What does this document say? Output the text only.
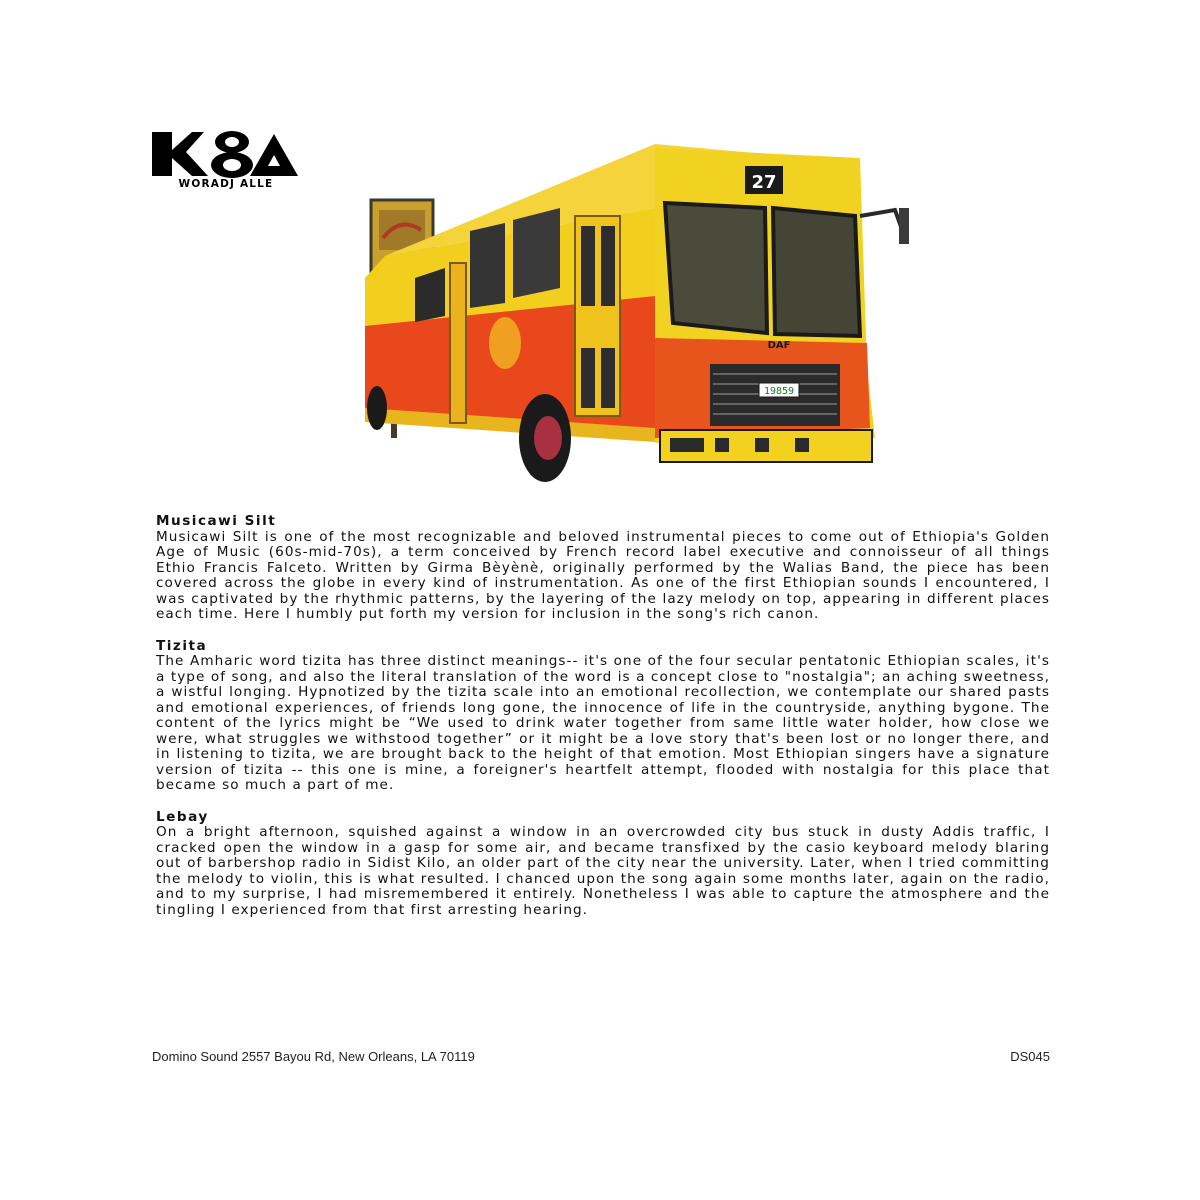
WORADJ ALLE	27
DAF
19859
Musicawi Silt
Musicawi Silt is one of the most recognizable and beloved instrumental pieces to come out of Ethiopia's Golden Age of Music (60s-mid-70s), a term conceived by French record label executive and connoisseur of all things Ethio Francis Falceto. Written by Girma Bèyènè, originally performed by the Walias Band, the piece has been covered across the globe in every kind of instrumentation. As one of the first Ethiopian sounds I encountered, I was captivated by the rhythmic patterns, by the layering of the lazy melody on top, appearing in different places each time. Here I humbly put forth my version for inclusion in the song's rich canon.
Tizita
The Amharic word tizita has three distinct meanings-- it's one of the four secular pentatonic Ethiopian scales, it's a type of song, and also the literal translation of the word is a concept close to "nostalgia"; an aching sweetness, a wistful longing. Hypnotized by the tizita scale into an emotional recollection, we contemplate our shared pasts and emotional experiences, of friends long gone, the innocence of life in the countryside, anything bygone. The content of the lyrics might be “We used to drink water together from same little water holder, how close we were, what struggles we withstood together” or it might be a love story that's been lost or no longer there, and in listening to tizita, we are brought back to the height of that emotion. Most Ethiopian singers have a signature version of tizita -- this one is mine, a foreigner's heartfelt attempt, flooded with nostalgia for this place that became so much a part of me.
Lebay
On a bright afternoon, squished against a window in an overcrowded city bus stuck in dusty Addis traffic, I cracked open the window in a gasp for some air, and became transfixed by the casio keyboard melody blaring out of barbershop radio in Sidist Kilo, an older part of the city near the university. Later, when I tried committing the melody to violin, this is what resulted. I chanced upon the song again some months later, again on the radio, and to my surprise, I had misremembered it entirely. Nonetheless I was able to capture the atmosphere and the tingling I experienced from that first arresting hearing.
Domino Sound 2557 Bayou Rd, New Orleans, LA 70119	DS045
